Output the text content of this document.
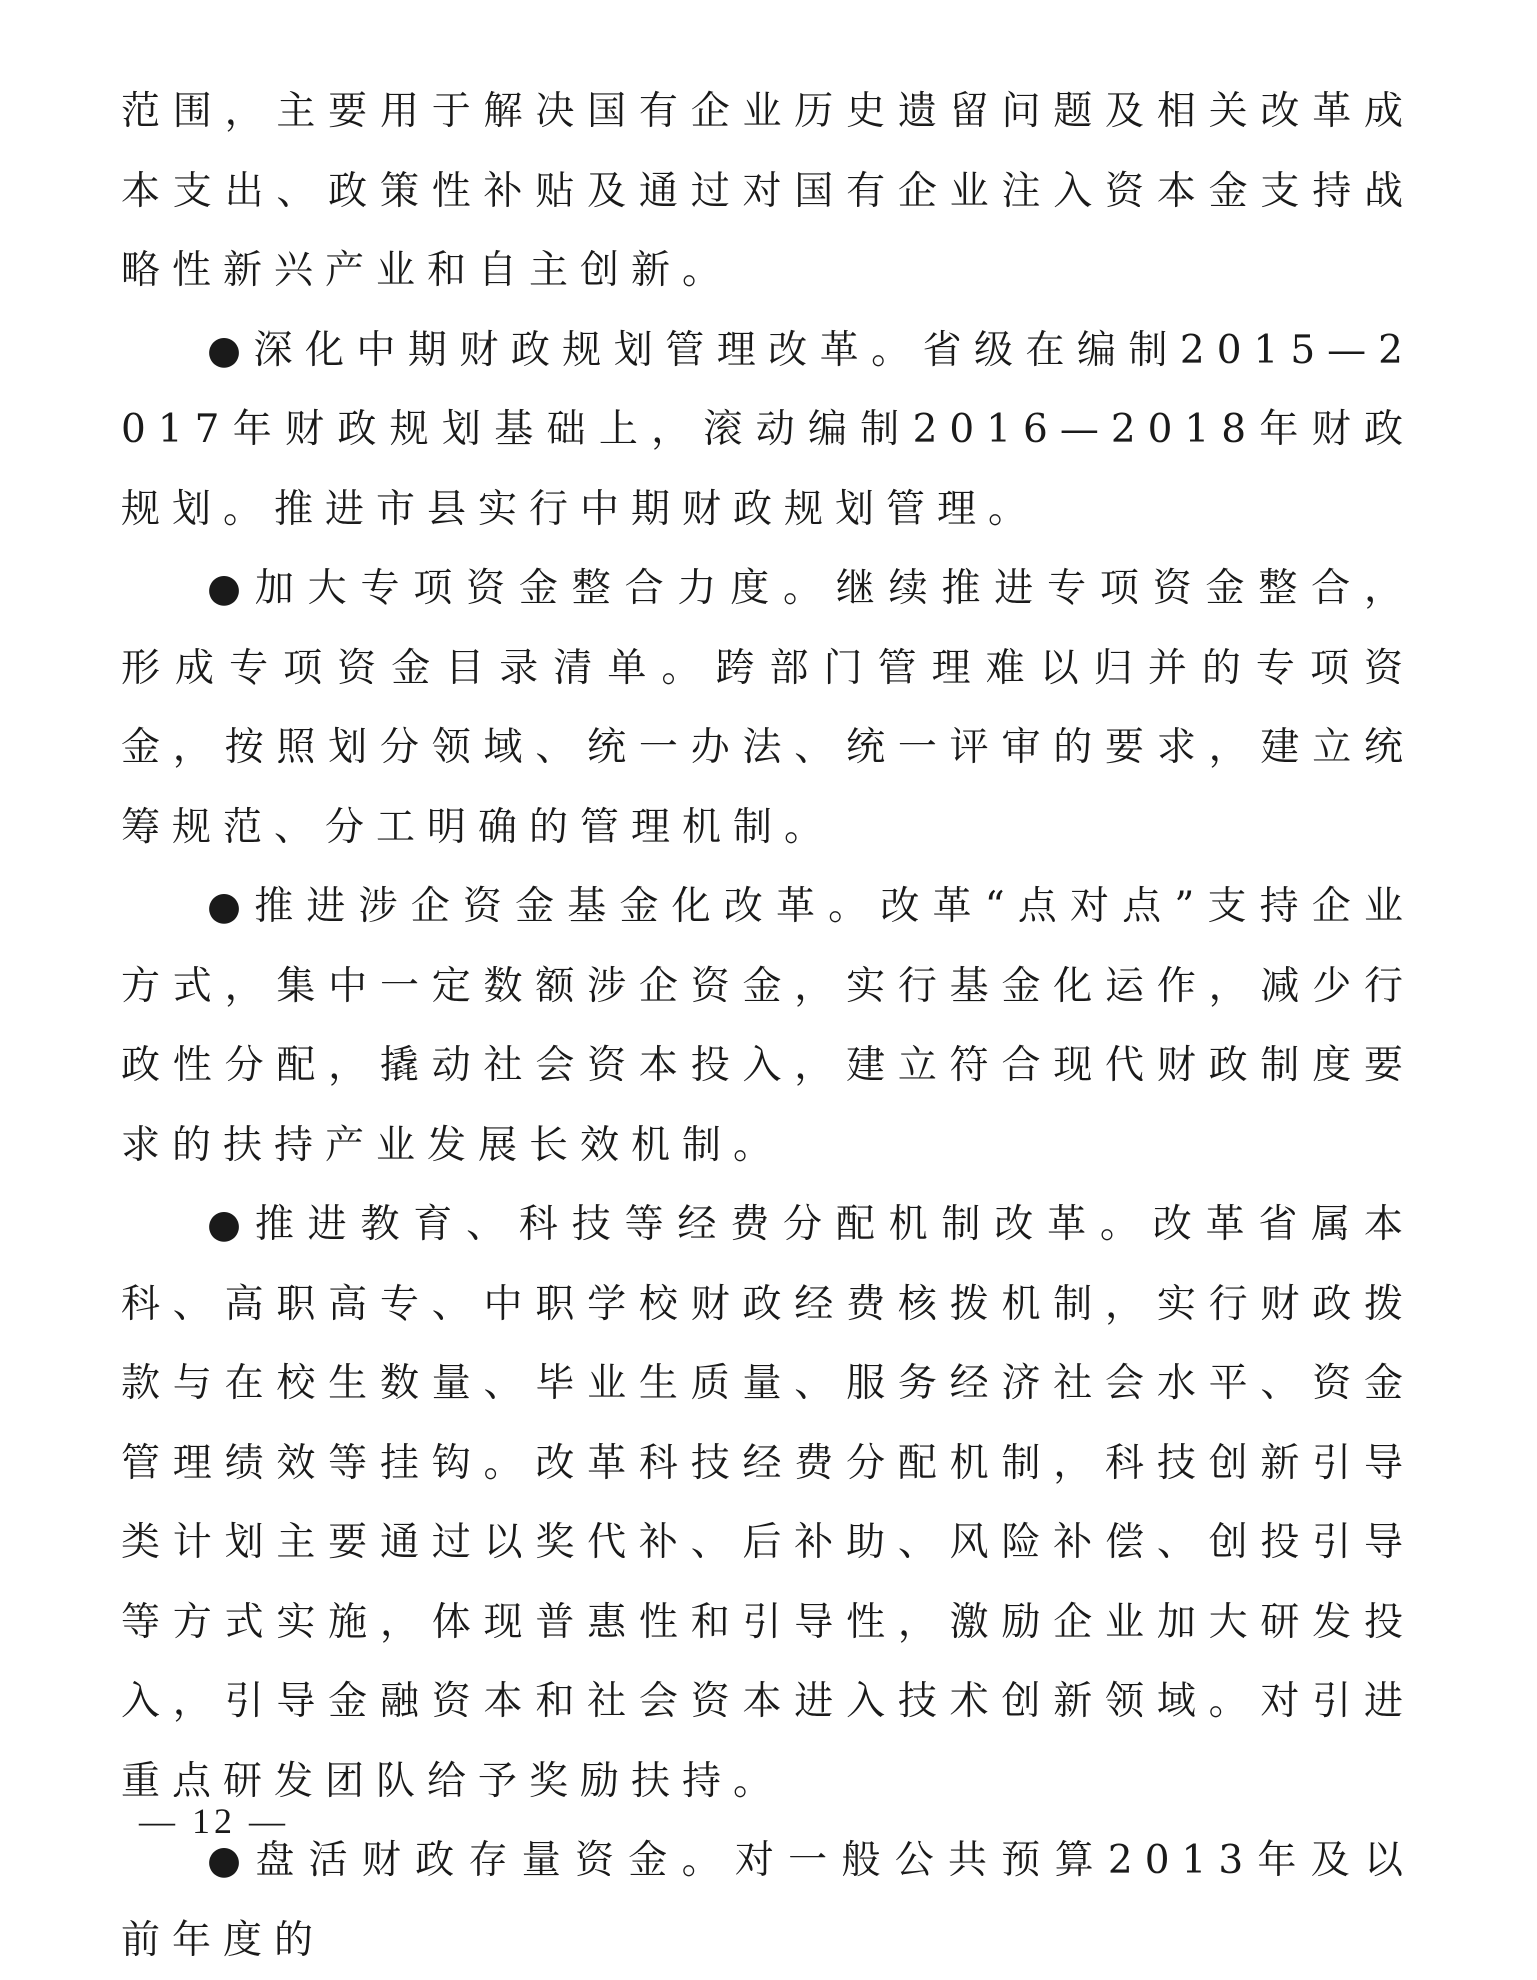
范围，主要用于解决国有企业历史遗留问题及相关改革成本支出、政策性补贴及通过对国有企业注入资本金支持战略性新兴产业和自主创新。

●深化中期财政规划管理改革。省级在编制2015—2017年财政规划基础上，滚动编制2016—2018年财政规划。推进市县实行中期财政规划管理。

●加大专项资金整合力度。继续推进专项资金整合，形成专项资金目录清单。跨部门管理难以归并的专项资金，按照划分领域、统一办法、统一评审的要求，建立统筹规范、分工明确的管理机制。

●推进涉企资金基金化改革。改革“点对点”支持企业方式，集中一定数额涉企资金，实行基金化运作，减少行政性分配，撬动社会资本投入，建立符合现代财政制度要求的扶持产业发展长效机制。

●推进教育、科技等经费分配机制改革。改革省属本科、高职高专、中职学校财政经费核拨机制，实行财政拨款与在校生数量、毕业生质量、服务经济社会水平、资金管理绩效等挂钩。改革科技经费分配机制，科技创新引导类计划主要通过以奖代补、后补助、风险补偿、创投引导等方式实施，体现普惠性和引导性，激励企业加大研发投入，引导金融资本和社会资本进入技术创新领域。对引进重点研发团队给予奖励扶持。

●盘活财政存量资金。对一般公共预算2013年及以前年度的

— 12 —
